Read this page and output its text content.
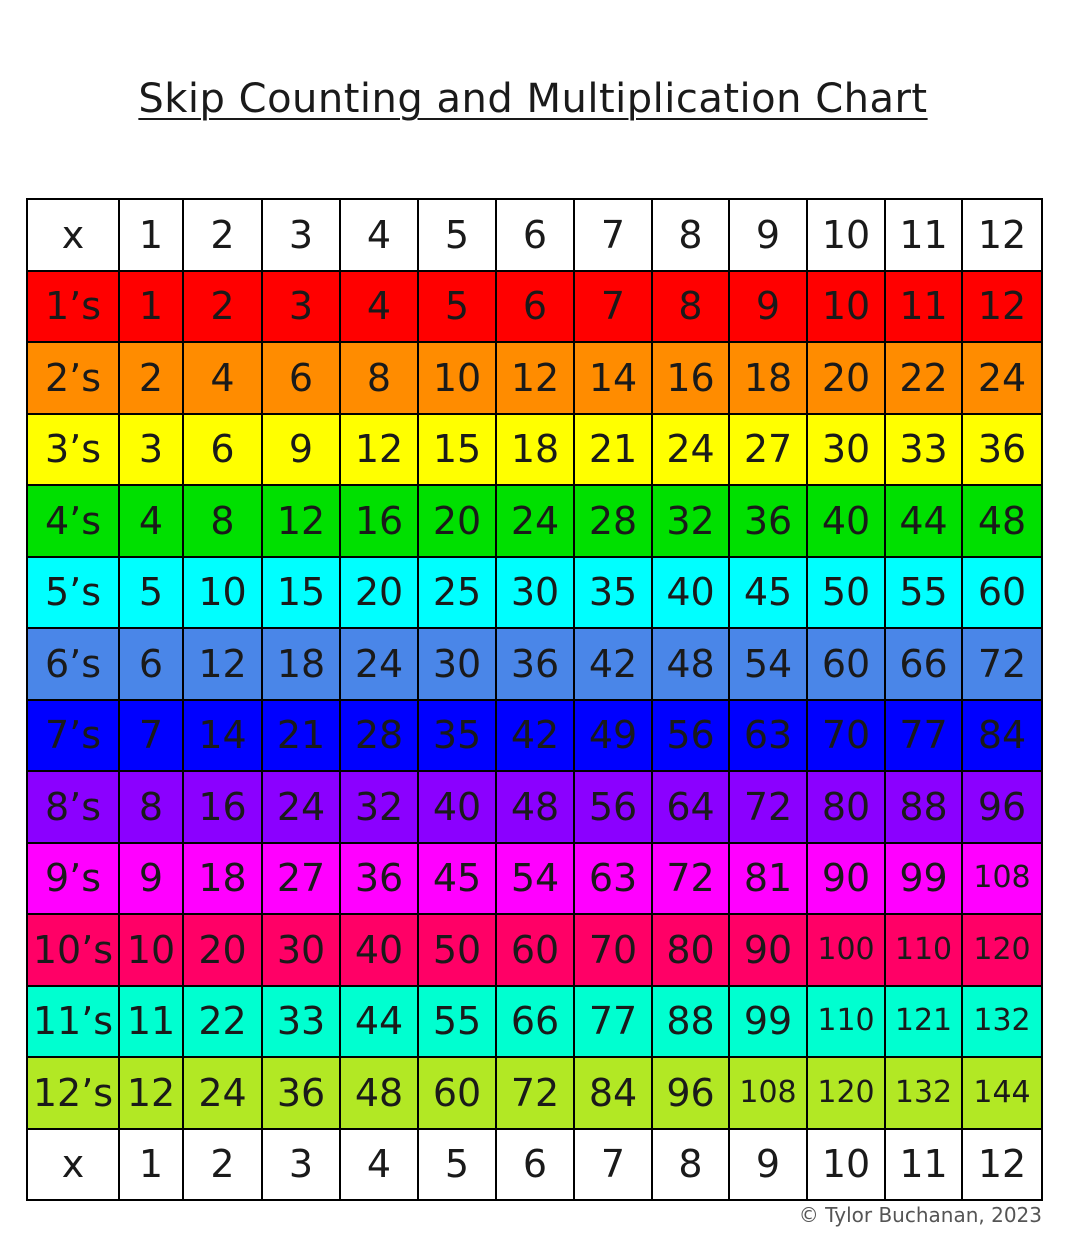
Skip Counting and Multiplication Chart
x	1	2	3	4	5	6	7	8	9	10	11	12
1’s	1	2	3	4	5	6	7	8	9	10	11	12
2’s	2	4	6	8	10	12	14	16	18	20	22	24
3’s	3	6	9	12	15	18	21	24	27	30	33	36
4’s	4	8	12	16	20	24	28	32	36	40	44	48
5’s	5	10	15	20	25	30	35	40	45	50	55	60
6’s	6	12	18	24	30	36	42	48	54	60	66	72
7’s	7	14	21	28	35	42	49	56	63	70	77	84
8’s	8	16	24	32	40	48	56	64	72	80	88	96
9’s	9	18	27	36	45	54	63	72	81	90	99	108
10’s	10	20	30	40	50	60	70	80	90	100	110	120
11’s	11	22	33	44	55	66	77	88	99	110	121	132
12’s	12	24	36	48	60	72	84	96	108	120	132	144
x	1	2	3	4	5	6	7	8	9	10	11	12
© Tylor Buchanan, 2023
